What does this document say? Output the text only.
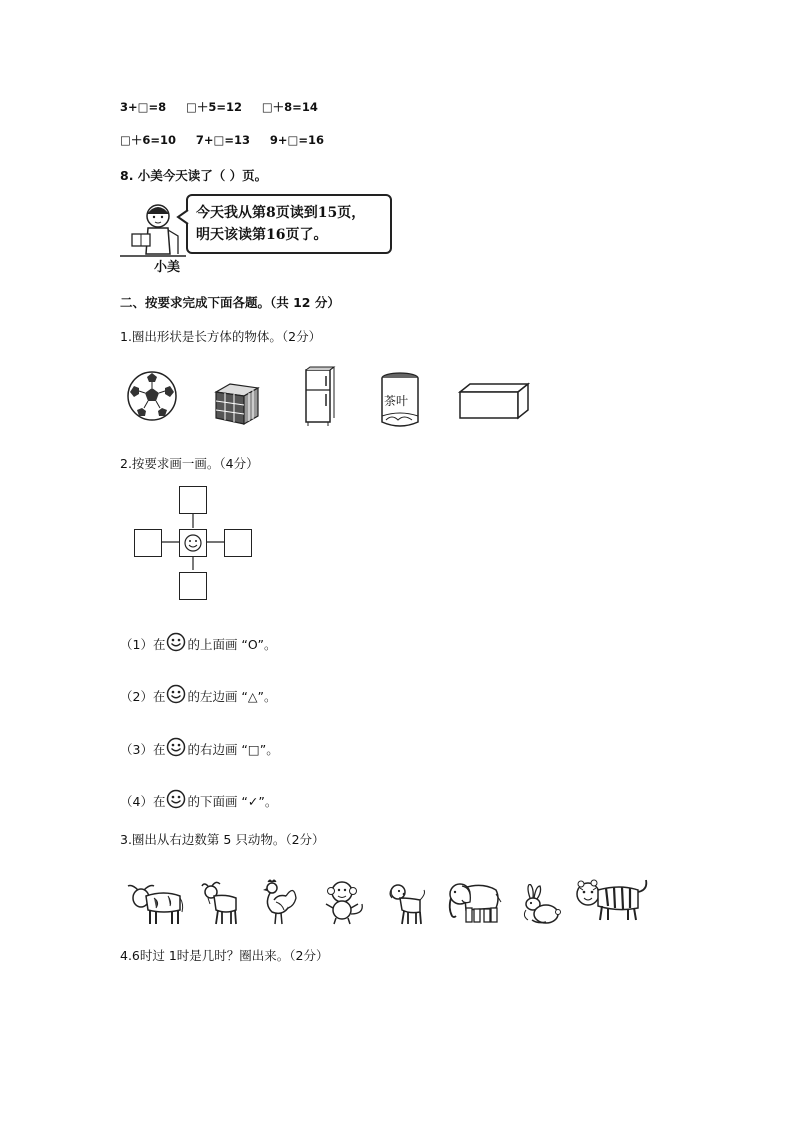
3+□=8 □＋5=12 □＋8=14
□＋6=10 7+□=13 9+□=16
8. 小美今天读了（ ）页。
小美
今天我从第8页读到15页，
明天该读第16页了。
二、按要求完成下面各题。（共 12 分）
1.圈出形状是长方体的物体。（2分）
茶叶
2.按要求画一画。（4分）
（1）在 的上面画 “O”。
（2）在 的左边画 “△”。
（3）在 的右边画 “□”。
（4）在 的下面画 “✓”。
3.圈出从右边数第 5 只动物。（2分）
4.6时过 1时是几时？圈出来。（2分）
